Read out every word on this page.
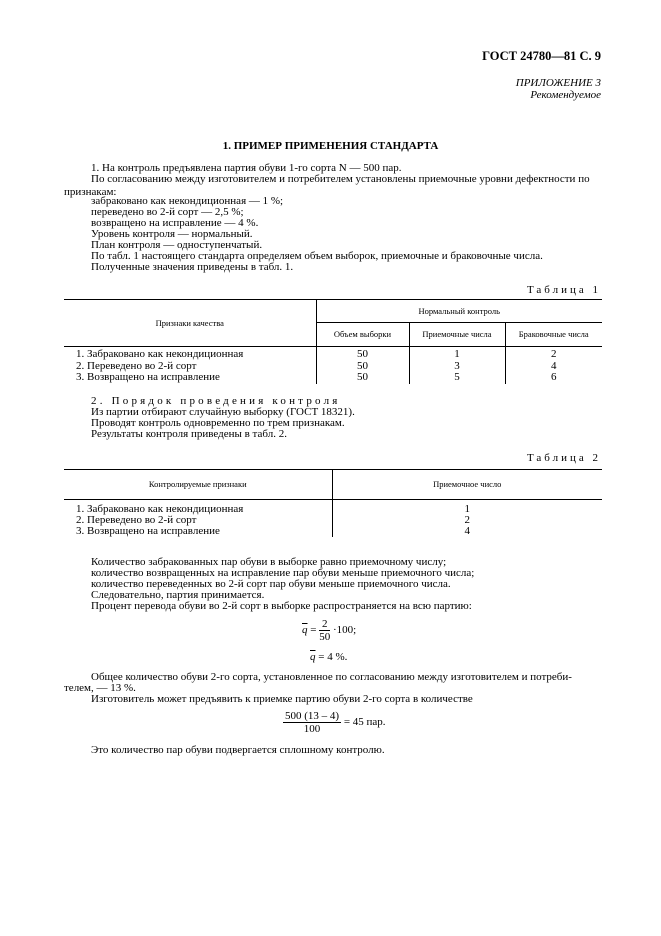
ГОСТ 24780—81 С. 9
ПРИЛОЖЕНИЕ 3
Рекомендуемое
1. ПРИМЕР ПРИМЕНЕНИЯ СТАНДАРТА
1. На контроль предъявлена партия обуви 1-го сорта N — 500 пар.
По согласованию между изготовителем и потребителем установлены приемочные уровни дефектности по признакам:
забраковано как некондиционная — 1 %;
переведено во 2-й сорт — 2,5 %;
возвращено на исправление — 4 %.
Уровень контроля — нормальный.
План контроля — одноступенчатый.
По табл. 1 настоящего стандарта определяем объем выборок, приемочные и браковочные числа.
Полученные значения приведены в табл. 1.
Таблица 1
Признаки качества	Нормальный контроль		
	Объем выборки	Приемочные числа	Браковочные числа
1. Забраковано как некондиционная	50	1	2
2. Переведено во 2-й сорт	50	3	4
3. Возвращено на исправление	50	5	6
2. Порядок проведения контроля
Из партии отбирают случайную выборку (ГОСТ 18321).
Проводят контроль одновременно по трем признакам.
Результаты контроля приведены в табл. 2.
Таблица 2
Контролируемые признаки	Приемочное число
1. Забраковано как некондиционная	1
2. Переведено во 2-й сорт	2
3. Возвращено на исправление	4
Количество забракованных пар обуви в выборке равно приемочному числу;
количество возвращенных на исправление пар обуви меньше приемочного числа;
количество переведенных во 2-й сорт пар обуви меньше приемочного числа.
Следовательно, партия принимается.
Процент перевода обуви во 2-й сорт в выборке распространяется на всю партию:
$\overline{q} = \frac{2}{50} \cdot 100$;
$\overline{q} = 4$ %.
Общее количество обуви 2-го сорта, установленное по согласованию между изготовителем и потреби-
телем, — 13 %.
Изготовитель может предъявить к приемке партию обуви 2-го сорта в количестве
$\frac{500 (13 - 4)}{100} = 45$ пар.
Это количество пар обуви подвергается сплошному контролю.
